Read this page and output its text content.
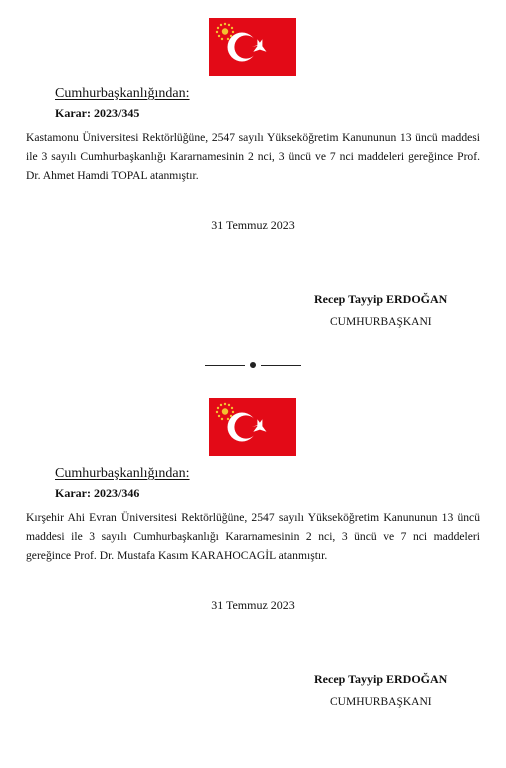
Cumhurbaşkanlığından:
Karar: 2023/345

Kastamonu Üniversitesi Rektörlüğüne, 2547 sayılı Yükseköğretim Kanununun 13 üncü maddesi ile 3 sayılı Cumhurbaşkanlığı Kararnamesinin 2 nci, 3 üncü ve 7 nci maddeleri gereğince Prof. Dr. Ahmet Hamdi TOPAL atanmıştır.

31 Temmuz 2023
Recep Tayyip ERDOĞAN
CUMHURBAŞKANI
Cumhurbaşkanlığından:
Karar: 2023/346

Kırşehir Ahi Evran Üniversitesi Rektörlüğüne, 2547 sayılı Yükseköğretim Kanununun 13 üncü maddesi ile 3 sayılı Cumhurbaşkanlığı Kararnamesinin 2 nci, 3 üncü ve 7 nci maddeleri gereğince Prof. Dr. Mustafa Kasım KARAHOCAGİL atanmıştır.

31 Temmuz 2023
Recep Tayyip ERDOĞAN
CUMHURBAŞKANI
